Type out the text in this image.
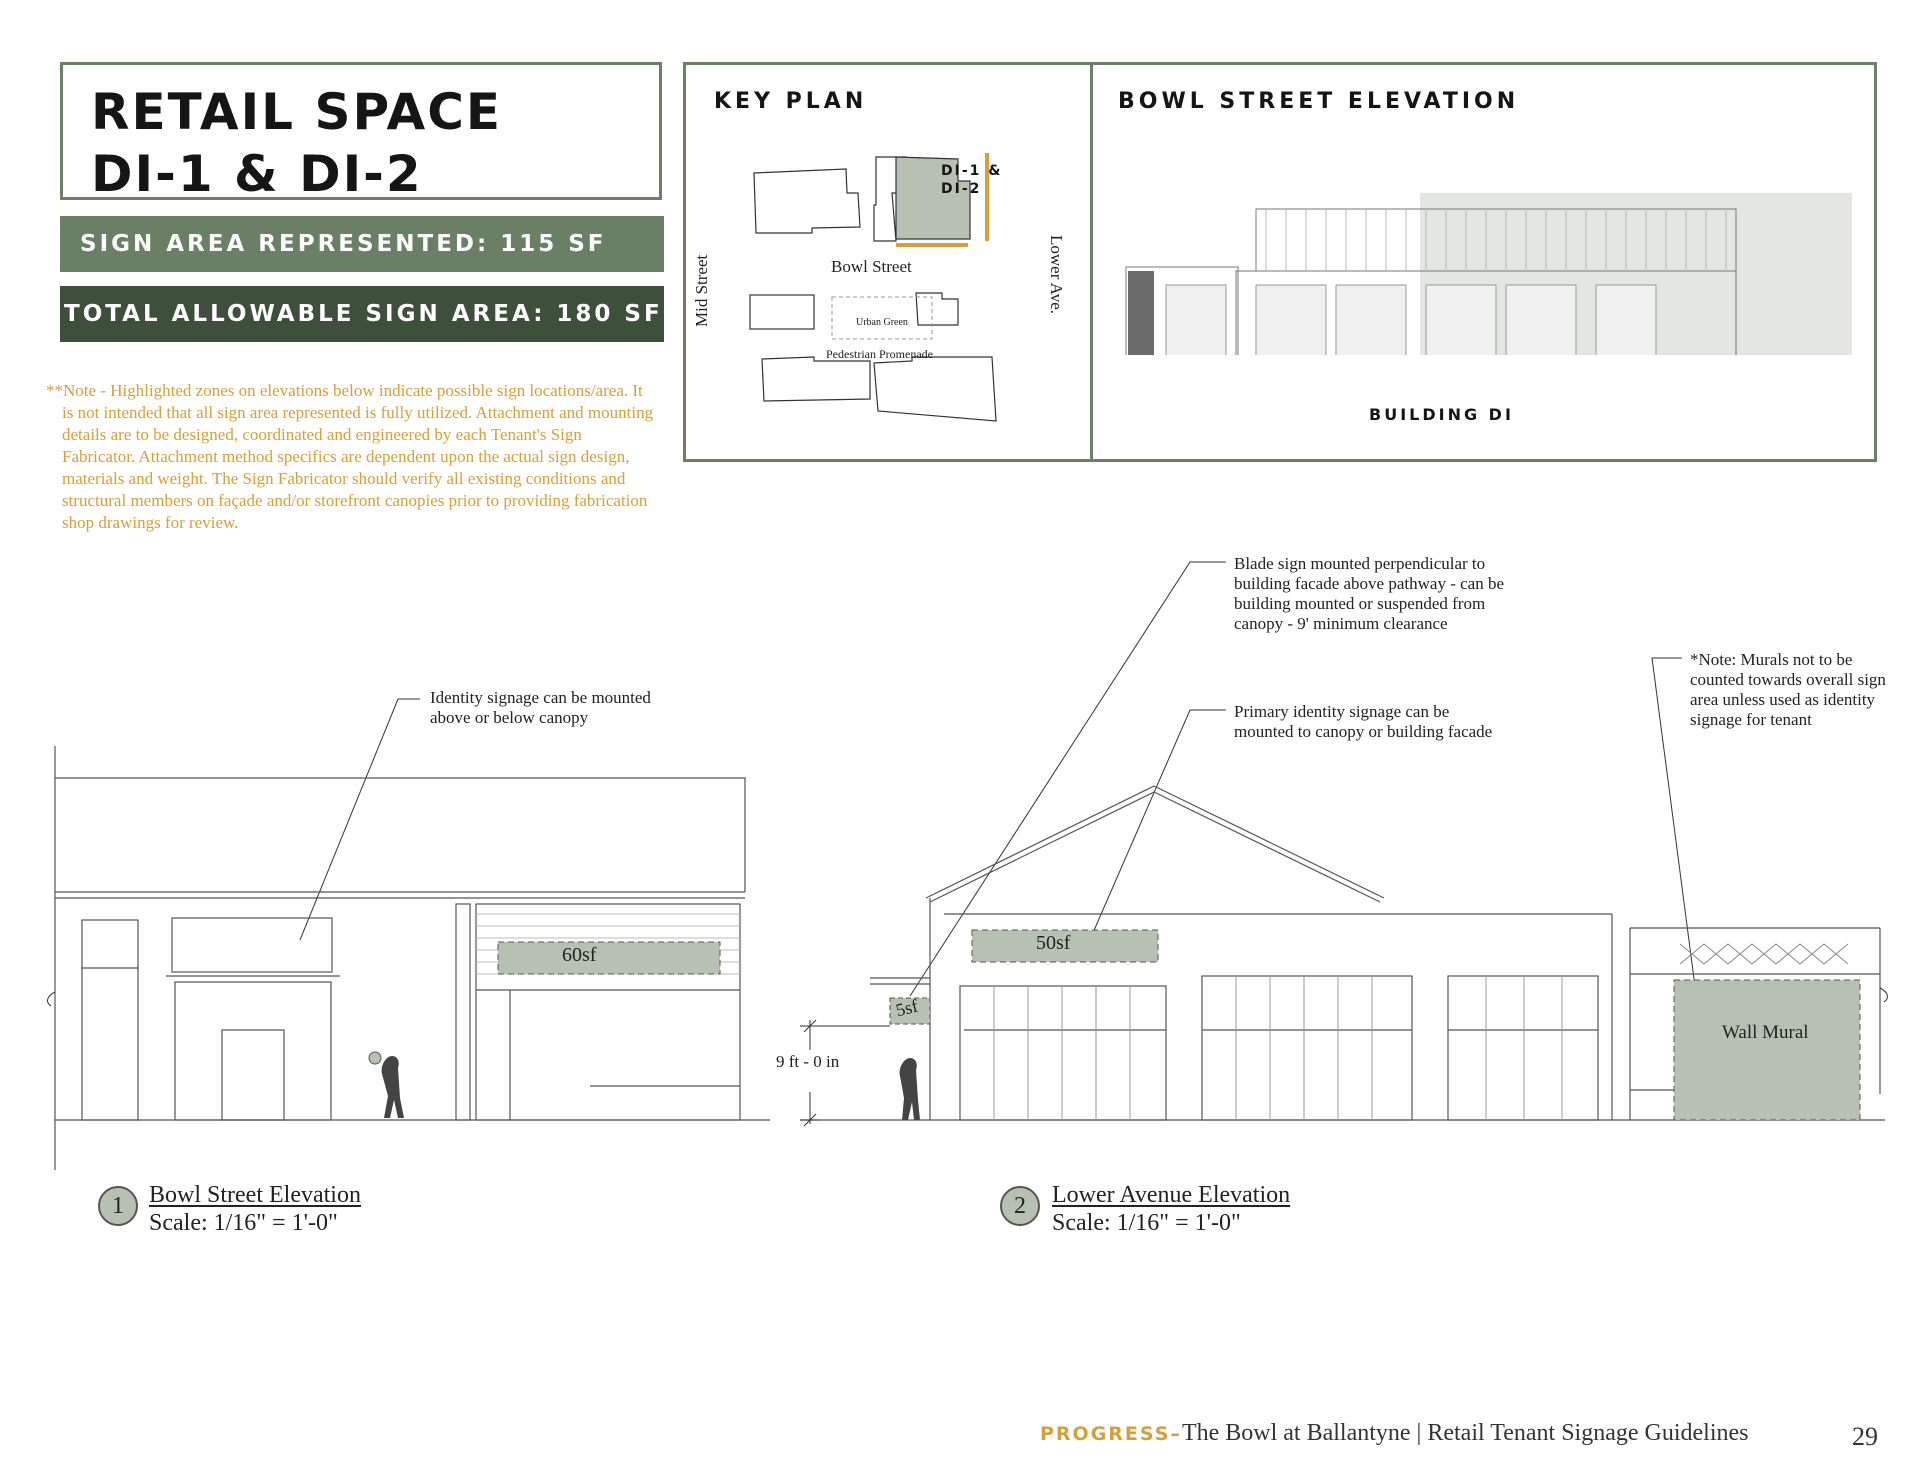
RETAIL SPACE
DI-1 & DI-2
SIGN AREA REPRESENTED: 115 SF
TOTAL ALLOWABLE SIGN AREA: 180 SF

**Note - Highlighted zones on elevations below indicate possible sign locations/area. It is not intended that all sign area represented is fully utilized. Attachment and mounting details are to be designed, coordinated and engineered by each Tenant's Sign Fabricator. Attachment method specifics are dependent upon the actual sign design, materials and weight. The Sign Fabricator should verify all existing conditions and structural members on façade and/or storefront canopies prior to providing fabrication shop drawings for review.

KEY PLAN	BOWL STREET ELEVATION
DI-1 &
DI-2
Bowl Street
Mid Street	Lower Ave.
Urban Green
Pedestrian Promenade
BUILDING DI
Identity signage can be mounted above or below canopy
Blade sign mounted perpendicular to building facade above pathway - can be building mounted or suspended from canopy - 9' minimum clearance
Primary identity signage can be mounted to canopy or building facade
*Note: Murals not to be counted towards overall sign area unless used as identity signage for tenant
60sf
50sf
5sf
Wall Mural
9 ft - 0 in
1	Bowl Street Elevation
Scale: 1/16" = 1'-0"
2	Lower Avenue Elevation
Scale: 1/16" = 1'-0"
PROGRESS–The Bowl at Ballantyne | Retail Tenant Signage Guidelines	29
